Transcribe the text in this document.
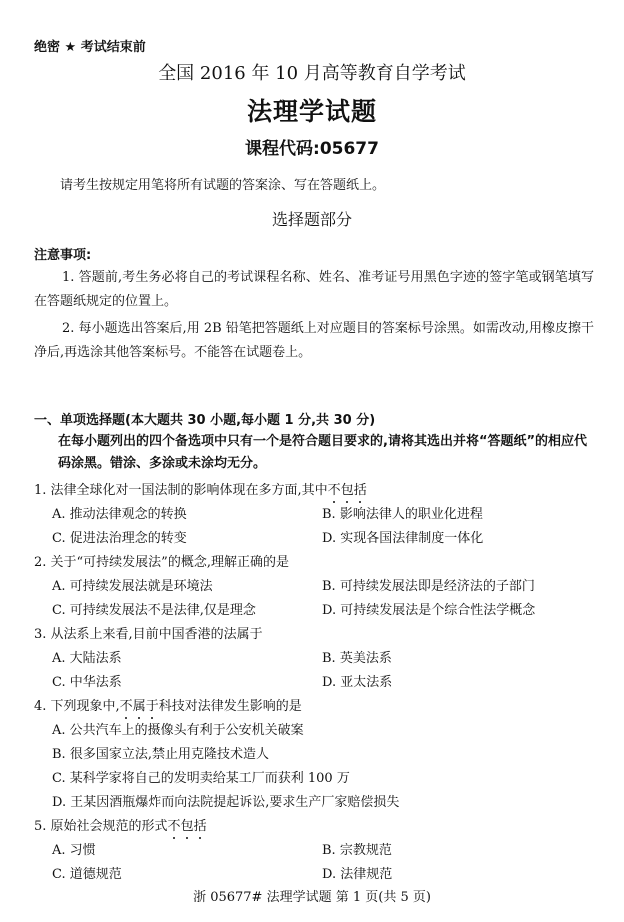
绝密 ★ 考试结束前
全国 2016 年 10 月高等教育自学考试
法理学试题
课程代码:05677
请考生按规定用笔将所有试题的答案涂、写在答题纸上。
选择题部分
注意事项:
1. 答题前,考生务必将自己的考试课程名称、姓名、准考证号用黑色字迹的签字笔或钢笔填写在答题纸规定的位置上。
2. 每小题选出答案后,用 2B 铅笔把答题纸上对应题目的答案标号涂黑。如需改动,用橡皮擦干净后,再选涂其他答案标号。不能答在试题卷上。
一、单项选择题(本大题共 30 小题,每小题 1 分,共 30 分)
在每小题列出的四个备选项中只有一个是符合题目要求的,请将其选出并将“答题纸”的相应代码涂黑。错涂、多涂或未涂均无分。
1. 法律全球化对一国法制的影响体现在多方面,其中不包括
A. 推动法律观念的转换	B. 影响法律人的职业化进程
C. 促进法治理念的转变	D. 实现各国法律制度一体化
2. 关于“可持续发展法”的概念,理解正确的是
A. 可持续发展法就是环境法	B. 可持续发展法即是经济法的子部门
C. 可持续发展法不是法律,仅是理念	D. 可持续发展法是个综合性法学概念
3. 从法系上来看,目前中国香港的法属于
A. 大陆法系	B. 英美法系
C. 中华法系	D. 亚太法系
4. 下列现象中,不属于科技对法律发生影响的是
A. 公共汽车上的摄像头有利于公安机关破案
B. 很多国家立法,禁止用克隆技术造人
C. 某科学家将自己的发明卖给某工厂而获利 100 万
D. 王某因酒瓶爆炸而向法院提起诉讼,要求生产厂家赔偿损失
5. 原始社会规范的形式不包括
A. 习惯	B. 宗教规范
C. 道德规范	D. 法律规范
浙 05677# 法理学试题 第 1 页(共 5 页)
